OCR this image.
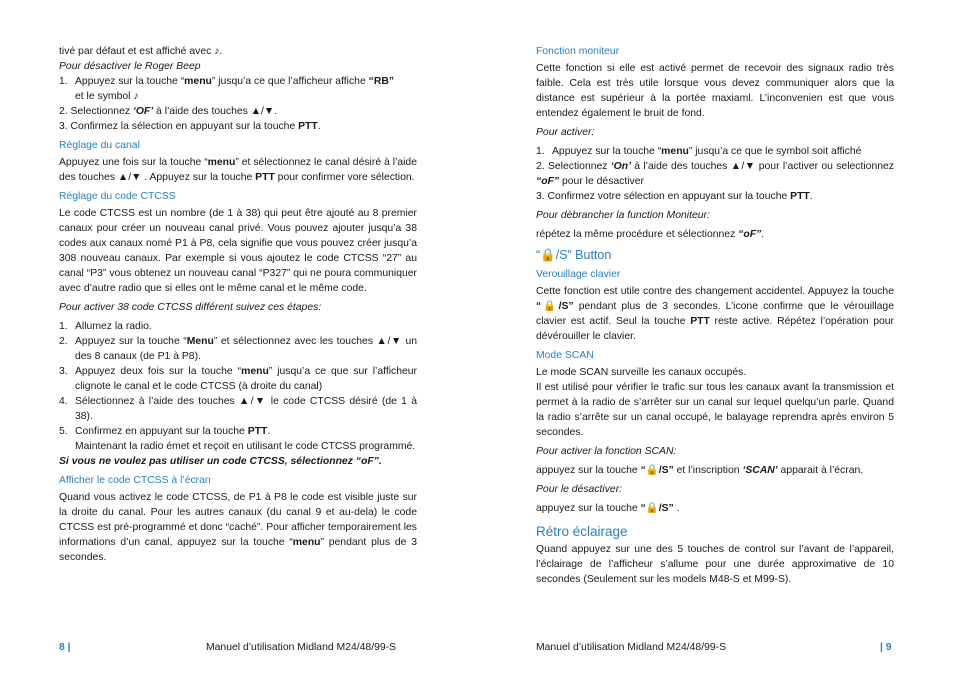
tivé par défaut et est affiché avec ♪.

Pour désactiver le Roger Beep

1. Appuyez sur la touche “menu” jusqu’a ce que l’afficheur affiche “RB”
et le symbol ♪

2. Selectionnez ‘OF’ à l’aide des touches ▲/▼.

3. Confirmez la sélection en appuyant sur la touche PTT.

Réglage du canal

Appuyez une fois sur la touche “menu” et sélectionnez le canal désiré à l’aide des touches ▲/▼ . Appuyez sur la touche PTT pour confirmer vore sélection.

Réglage du code CTCSS

Le code CTCSS est un nombre (de 1 à 38) qui peut être ajouté au 8 premier canaux pour créer un nouveau canal privé. Vous pouvez ajouter jusqu’a 38 codes aux canaux nomé P1 à P8, cela signifie que vous pouvez créer jusqu’a 308 nouveau canaux. Par exemple si vous ajoutez le code CTCSS “27” au canal “P3” vous obtenez un nouveau canal “P327” qui ne poura communiquer avec d’autre radio que si elles ont le même canal et le même code.

Pour activer 38 code CTCSS différent suivez ces étapes:

1. Allumez la radio.
2. Appuyez sur la touche “Menu” et sélectionnez avec les touches ▲/▼ un des 8 canaux (de P1 à P8).
3. Appuyez deux fois sur la touche “menu” jusqu’a ce que sur l’afficheur clignote le canal et le code CTCSS (à droite du canal)
4. Sélectionnez à l’aide des touches ▲/▼ le code CTCSS désiré (de 1 à 38).
5. Confirmez en appuyant sur la touche PTT.
Maintenant la radio émet et reçoit en utilisant le code CTCSS programmé.

Si vous ne voulez pas utiliser un code CTCSS, sélectionnez “oF”.

Afficher le code CTCSS à l’écran

Quand vous activez le code CTCSS, de P1 à P8 le code est visible juste sur la droite du canal. Pour les autres canaux (du canal 9 et au-dela) le code CTCSS est pré-programmé et donc “caché”. Pour afficher temporairement les informations d’un canal, appuyez sur la touche “menu” pendant plus de 3 secondes.

Fonction moniteur

Cette fonction si elle est activé permet de recevoir des signaux radio très faible. Cela est très utile lorsque vous devez communiquer alors que la distance est supérieur à la portée maxiaml. L’inconvenien est que vous entendez également le bruit de fond.

Pour activer:

1. Appuyez sur la touche “menu” jusqu’a ce que le symbol soit affiché

2. Selectionnez ‘On’ à l’aide des touches ▲/▼ pour l’activer ou selectionnez “oF” pour le désactiver

3. Confirmez votre sélection en appuyant sur la touche PTT.

Pour dèbrancher la function Moniteur:

répétez la même procédure et sélectionnez “oF”.

“🔒/S” Button
Verouillage clavier

Cette fonction est utile contre des changement accidentel. Appuyez la touche “🔒/S” pendant plus de 3 secondes. L’icone confirme que le vérouillage clavier est actif. Seul la touche PTT reste active. Répétez l’opération pour dévérouiller le clavier.

Mode SCAN

Le mode SCAN surveille les canaux occupés.

Il est utilisé pour vérifier le trafic sur tous les canaux avant la transmission et permet à la radio de s’arrêter sur un canal sur lequel quelqu’un parle. Quand la radio s’arrête sur un canal occupé, le balayage reprendra après environ 5 secondes.

Pour activer la fonction SCAN:

appuyez sur la touche “🔒/S” et l’inscription ‘SCAN’ apparait à l’écran.

Pour le désactiver:

appuyez sur la touche “🔒/S” .

Rétro éclairage

Quand appuyez sur une des 5 touches de control sur l’avant de l’appareil, l’éclairage de l’afficheur s’allume pour une durée approximative de 10 secondes (Seulement sur les models M48-S et M99-S).

8 |	Manuel d’utilisation Midland M24/48/99-S	Manuel d’utilisation Midland M24/48/99-S	| 9
